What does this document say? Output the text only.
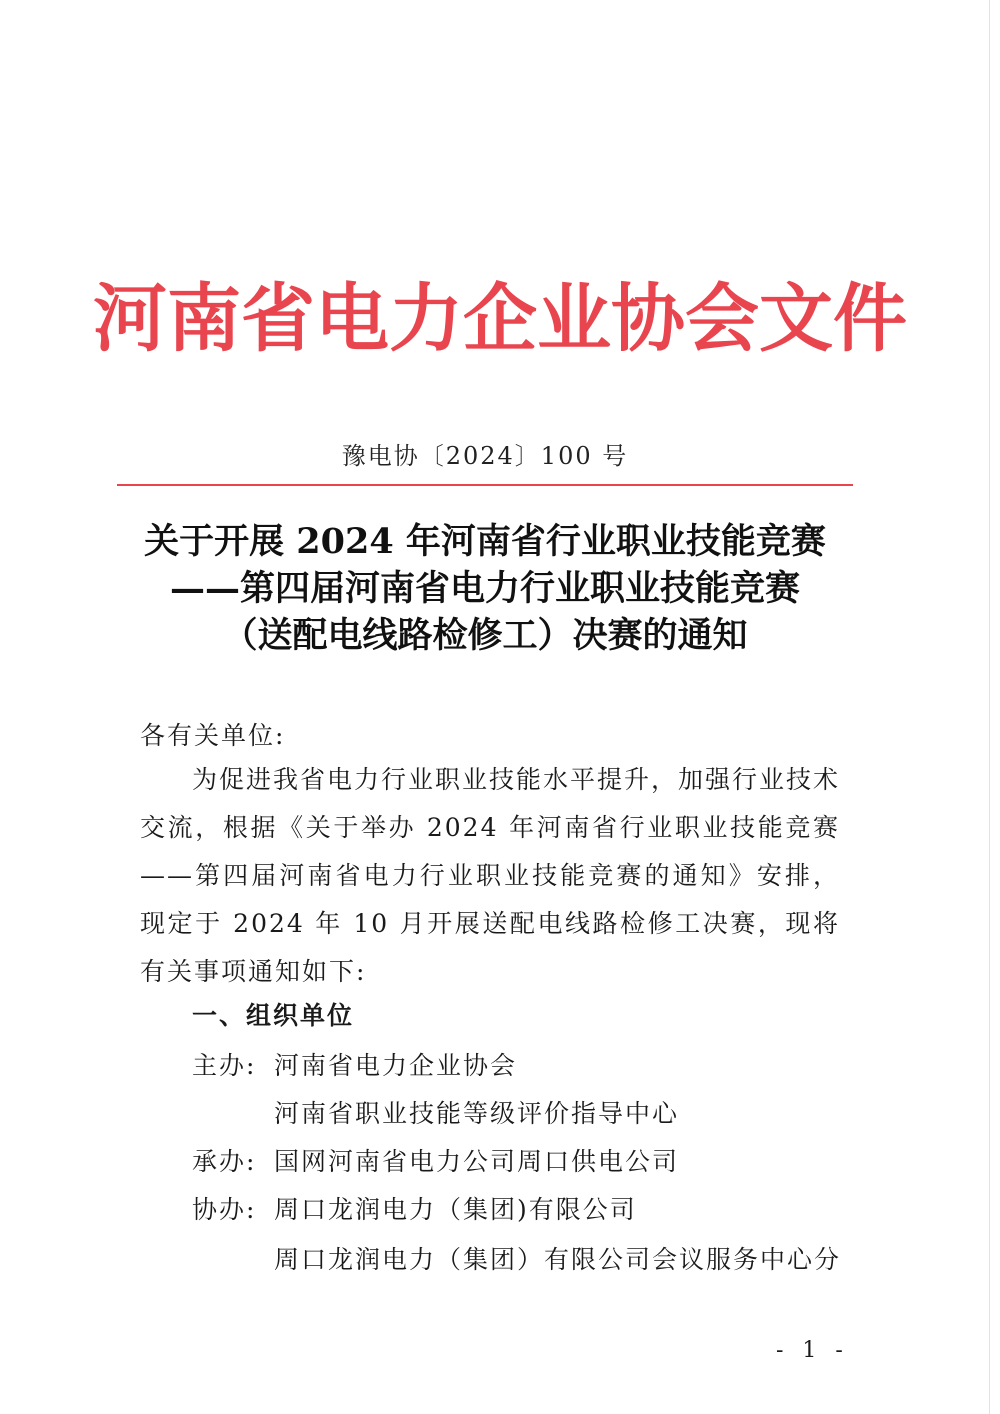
河南省电力企业协会文件
豫电协〔2024〕100 号
关于开展 2024 年河南省行业职业技能竞赛
——第四届河南省电力行业职业技能竞赛
（送配电线路检修工）决赛的通知
各有关单位:

为促进我省电力行业职业技能水平提升，加强行业技术交流，根据《关于举办 2024 年河南省行业职业技能竞赛——第四届河南省电力行业职业技能竞赛的通知》安排，现定于 2024 年 10 月开展送配电线路检修工决赛，现将有关事项通知如下:

一、组织单位
主办: 河南省电力企业协会
河南省职业技能等级评价指导中心
承办: 国网河南省电力公司周口供电公司
协办: 周口龙润电力（集团)有限公司
周口龙润电力（集团）有限公司会议服务中心分
- 1 -
